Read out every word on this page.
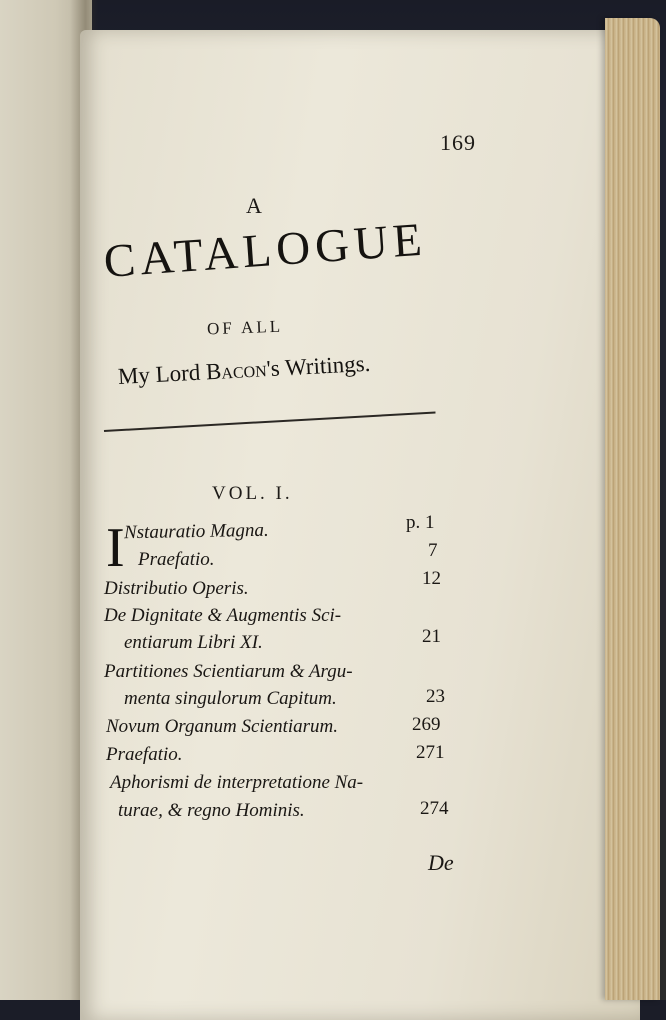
169
A
CATALOGUE
OF ALL
My Lord Bacon's Writings.
VOL. I.
I Nstauratio Magna.	p. 1
Praefatio.	7
Distributio Operis.	12
De Dignitate & Augmentis Sci-
entiarum Libri XI.	21
Partitiones Scientiarum & Argu-
menta singulorum Capitum.	23
Novum Organum Scientiarum.	269
Praefatio.	271
Aphorismi de interpretatione Na-
turae, & regno Hominis.	274
De
